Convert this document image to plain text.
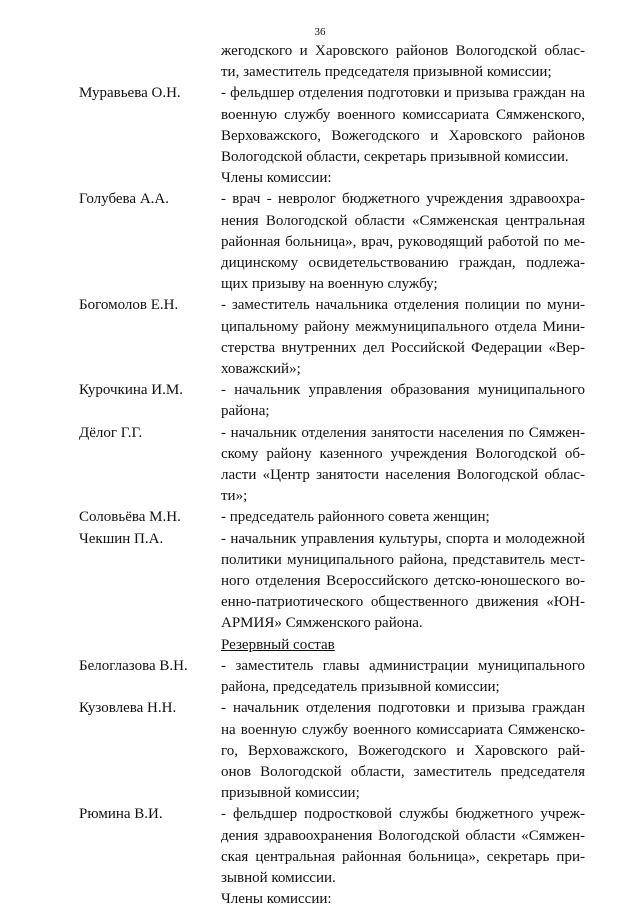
36
жегодского и Харовского районов Вологодской облас-
ти, заместитель председателя призывной комиссии;
Муравьева О.Н.	- фельдшер отделения подготовки и призыва граждан на
военную службу военного комиссариата Сямженского,
Верховажского, Вожегодского и Харовского районов
Вологодской области, секретарь призывной комиссии.
Члены комиссии:
Голубева А.А.	- врач - невролог бюджетного учреждения здравоохра-
нения Вологодской области «Сямженская центральная
районная больница», врач, руководящий работой по ме-
дицинскому освидетельствованию граждан, подлежа-
щих призыву на военную службу;
Богомолов Е.Н.	- заместитель начальника отделения полиции по муни-
ципальному району межмуниципального отдела Мини-
стерства внутренних дел Российской Федерации «Вер-
ховажский»;
Курочкина И.М.	- начальник управления образования муниципального
района;
Дёлог Г.Г.	- начальник отделения занятости населения по Сямжен-
скому району казенного учреждения Вологодской об-
ласти «Центр занятости населения Вологодской облас-
ти»;
Соловьёва М.Н.	- председатель районного совета женщин;
Чекшин П.А.	- начальник управления культуры, спорта и молодежной
политики муниципального района, представитель мест-
ного отделения Всероссийского детско-юношеского во-
енно-патриотического общественного движения «ЮН-
АРМИЯ» Сямженского района.
Резервный состав
Белоглазова В.Н. - заместитель главы администрации муниципального
района, председатель призывной комиссии;
Кузовлева Н.Н.	- начальник отделения подготовки и призыва граждан
на военную службу военного комиссариата Сямженско-
го, Верховажского, Вожегодского и Харовского рай-
онов Вологодской области, заместитель председателя
призывной комиссии;
Рюмина В.И.	- фельдшер подростковой службы бюджетного учреж-
дения здравоохранения Вологодской области «Сямжен-
ская центральная районная больница», секретарь при-
зывной комиссии.
Члены комиссии:
